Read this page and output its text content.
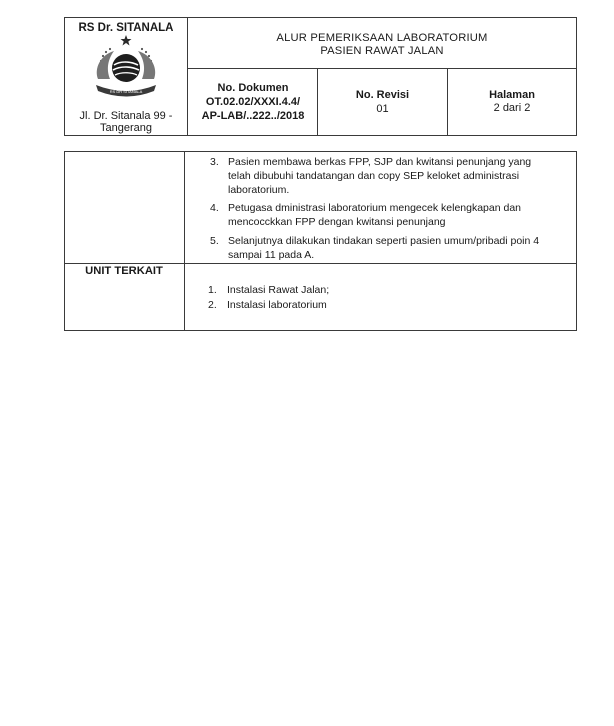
RS Dr. SITANALA
RS DR SITANALA
Jl. Dr. Sitanala 99 -
Tangerang
ALUR PEMERIKSAAN LABORATORIUM
PASIEN RAWAT JALAN
No. Dokumen
OT.02.02/XXXI.4.4/
AP-LAB/..222../2018
No. Revisi
01
Halaman
2 dari 2
3. Pasien membawa berkas FPP, SJP dan kwitansi penunjang yang
telah dibubuhi tandatangan dan copy SEP keloket administrasi
laboratorium.
4. Petugasa dministrasi laboratorium mengecek kelengkapan dan
mencocckkan FPP dengan kwitansi penunjang
5. Selanjutnya dilakukan tindakan seperti pasien umum/pribadi poin 4
sampai 11 pada A.
UNIT TERKAIT
1. Instalasi Rawat Jalan;
2. Instalasi laboratorium
